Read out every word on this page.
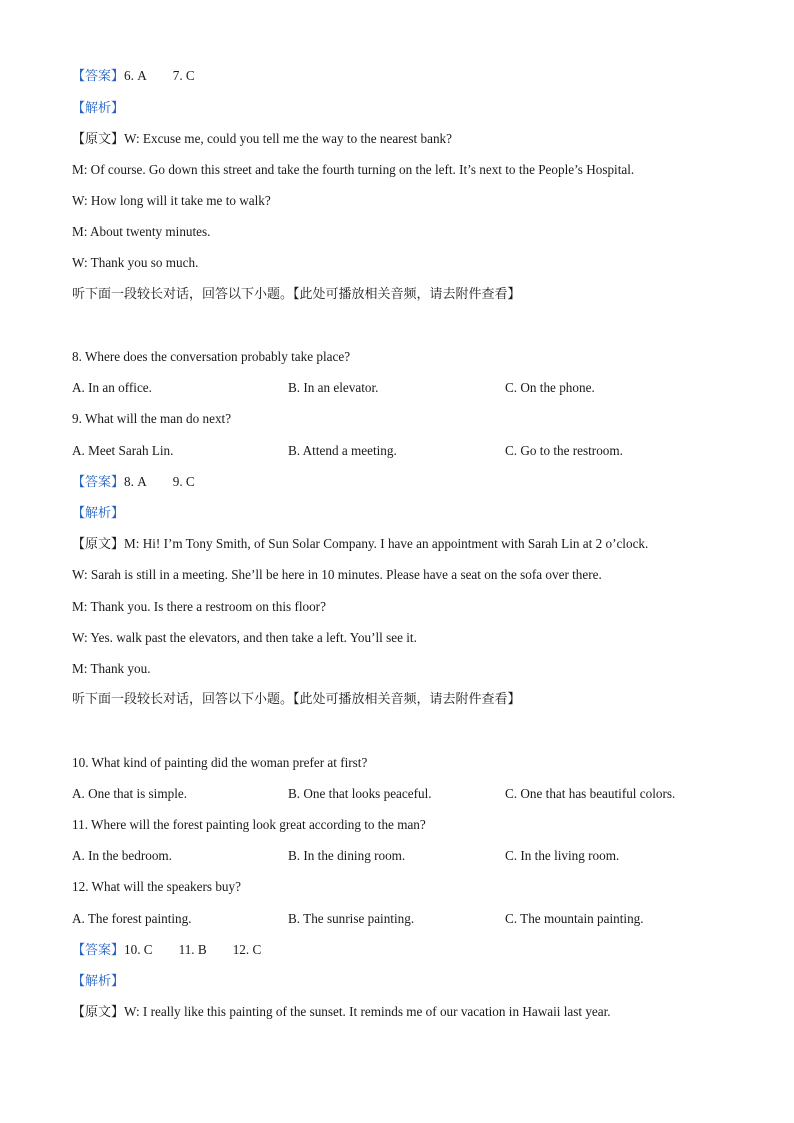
【答案】6. A 7. C
【解析】
【原文】W: Excuse me, could you tell me the way to the nearest bank?
M: Of course. Go down this street and take the fourth turning on the left. It’s next to the People’s Hospital.
W: How long will it take me to walk?
M: About twenty minutes.
W: Thank you so much.
听下面一段较长对话，回答以下小题。【此处可播放相关音频，请去附件查看】
8. Where does the conversation probably take place?
A. In an office.	B. In an elevator.	C. On the phone.
9. What will the man do next?
A. Meet Sarah Lin.	B. Attend a meeting.	C. Go to the restroom.
【答案】8. A 9. C
【解析】
【原文】M: Hi! I’m Tony Smith, of Sun Solar Company. I have an appointment with Sarah Lin at 2 o’clock.
W: Sarah is still in a meeting. She’ll be here in 10 minutes. Please have a seat on the sofa over there.
M: Thank you. Is there a restroom on this floor?
W: Yes. walk past the elevators, and then take a left. You’ll see it.
M: Thank you.
听下面一段较长对话，回答以下小题。【此处可播放相关音频，请去附件查看】
10. What kind of painting did the woman prefer at first?
A. One that is simple.	B. One that looks peaceful.	C. One that has beautiful colors.
11. Where will the forest painting look great according to the man?
A. In the bedroom.	B. In the dining room.	C. In the living room.
12. What will the speakers buy?
A. The forest painting.	B. The sunrise painting.	C. The mountain painting.
【答案】10. C 11. B 12. C
【解析】
【原文】W: I really like this painting of the sunset. It reminds me of our vacation in Hawaii last year.
